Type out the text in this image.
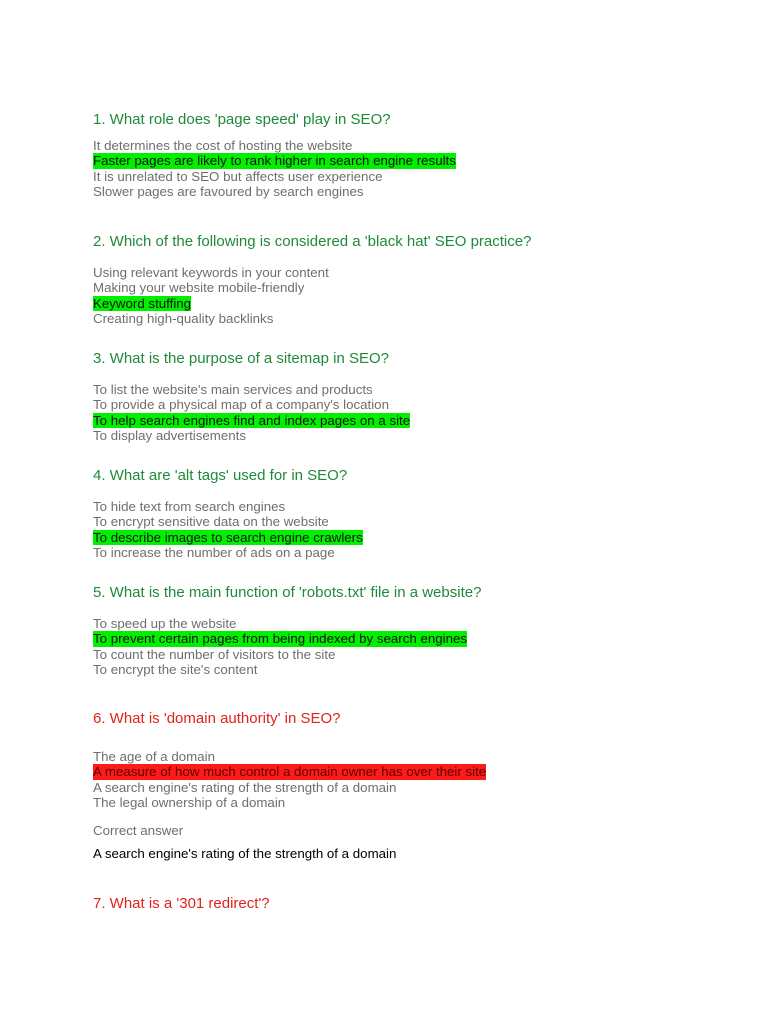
1. What role does 'page speed' play in SEO?
It determines the cost of hosting the website
Faster pages are likely to rank higher in search engine results
It is unrelated to SEO but affects user experience
Slower pages are favoured by search engines
2. Which of the following is considered a 'black hat' SEO practice?
Using relevant keywords in your content
Making your website mobile-friendly
Keyword stuffing
Creating high-quality backlinks
3. What is the purpose of a sitemap in SEO?
To list the website's main services and products
To provide a physical map of a company's location
To help search engines find and index pages on a site
To display advertisements
4. What are 'alt tags' used for in SEO?
To hide text from search engines
To encrypt sensitive data on the website
To describe images to search engine crawlers
To increase the number of ads on a page
5. What is the main function of 'robots.txt' file in a website?
To speed up the website
To prevent certain pages from being indexed by search engines
To count the number of visitors to the site
To encrypt the site's content
6. What is 'domain authority' in SEO?
The age of a domain
A measure of how much control a domain owner has over their site
A search engine's rating of the strength of a domain
The legal ownership of a domain
Correct answer
A search engine's rating of the strength of a domain
7. What is a '301 redirect'?
